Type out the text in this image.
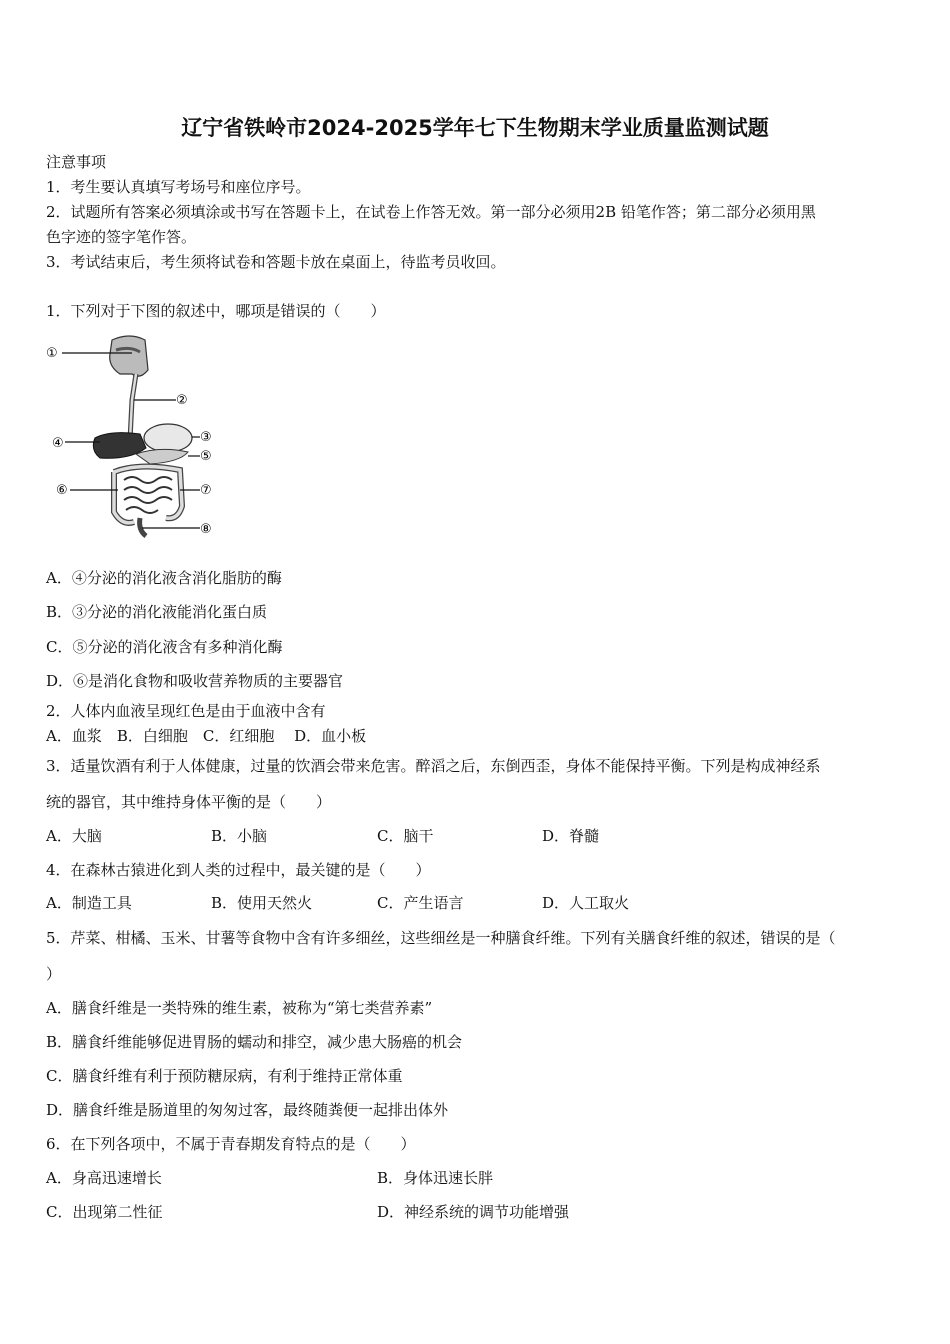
辽宁省铁岭市2024-2025学年七下生物期末学业质量监测试题
注意事项
1．考生要认真填写考场号和座位序号。
2．试题所有答案必须填涂或书写在答题卡上，在试卷上作答无效。第一部分必须用2B 铅笔作答；第二部分必须用黑
色字迹的签字笔作答。
3．考试结束后，考生须将试卷和答题卡放在桌面上，待监考员收回。
1．下列对于下图的叙述中，哪项是错误的（　　）
①
②
③
④
⑤
⑥	⑦
⑧
A．④分泌的消化液含消化脂肪的酶
B．③分泌的消化液能消化蛋白质
C．⑤分泌的消化液含有多种消化酶
D．⑥是消化食物和吸收营养物质的主要器官
2．人体内血液呈现红色是由于血液中含有
A．血浆　B．白细胞　C．红细胞　 D．血小板
3．适量饮酒有利于人体健康，过量的饮酒会带来危害。醉滔之后，东倒西歪，身体不能保持平衡。下列是构成神经系
统的器官，其中维持身体平衡的是（　　）
A．大脑	B．小脑	C．脑干	D．脊髓
4．在森林古猿进化到人类的过程中，最关键的是（　　）
A．制造工具	B．使用天然火	C．产生语言	D．人工取火
5．芹菜、柑橘、玉米、甘薯等食物中含有许多细丝，这些细丝是一种膳食纤维。下列有关膳食纤维的叙述，错误的是（
）
A．膳食纤维是一类特殊的维生素，被称为“第七类营养素”
B．膳食纤维能够促进胃肠的蠕动和排空，减少患大肠癌的机会
C．膳食纤维有利于预防糖尿病，有利于维持正常体重
D．膳食纤维是肠道里的匆匆过客，最终随粪便一起排出体外
6．在下列各项中，不属于青春期发育特点的是（　　）
A．身高迅速增长	B．身体迅速长胖
C．出现第二性征	D．神经系统的调节功能增强
